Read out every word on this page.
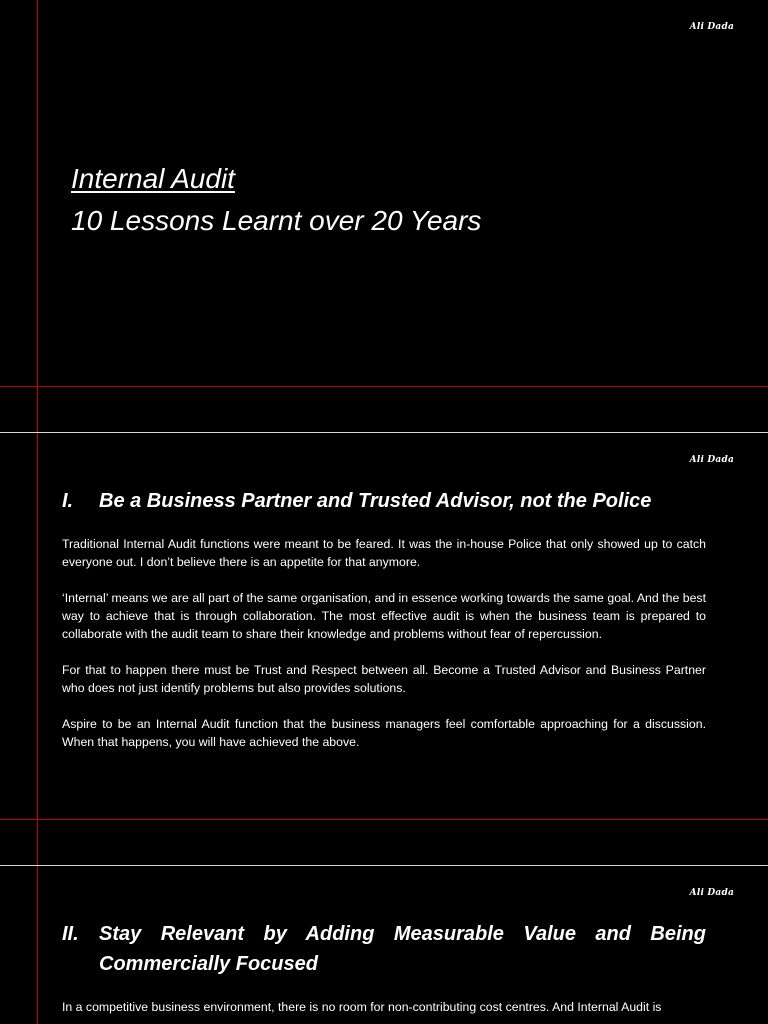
Ali Dada
Internal Audit
10 Lessons Learnt over 20 Years
Ali Dada
I.	Be a Business Partner and Trusted Advisor, not the Police

Traditional Internal Audit functions were meant to be feared. It was the in-house Police that only showed up to catch everyone out. I don’t believe there is an appetite for that anymore.

‘Internal’ means we are all part of the same organisation, and in essence working towards the same goal. And the best way to achieve that is through collaboration. The most effective audit is when the business team is prepared to collaborate with the audit team to share their knowledge and problems without fear of repercussion.

For that to happen there must be Trust and Respect between all. Become a Trusted Advisor and Business Partner who does not just identify problems but also provides solutions.

Aspire to be an Internal Audit function that the business managers feel comfortable approaching for a discussion. When that happens, you will have achieved the above.

Ali Dada
II.	Stay Relevant by Adding Measurable Value and Being Commercially Focused

In a competitive business environment, there is no room for non-contributing cost centres. And Internal Audit is
